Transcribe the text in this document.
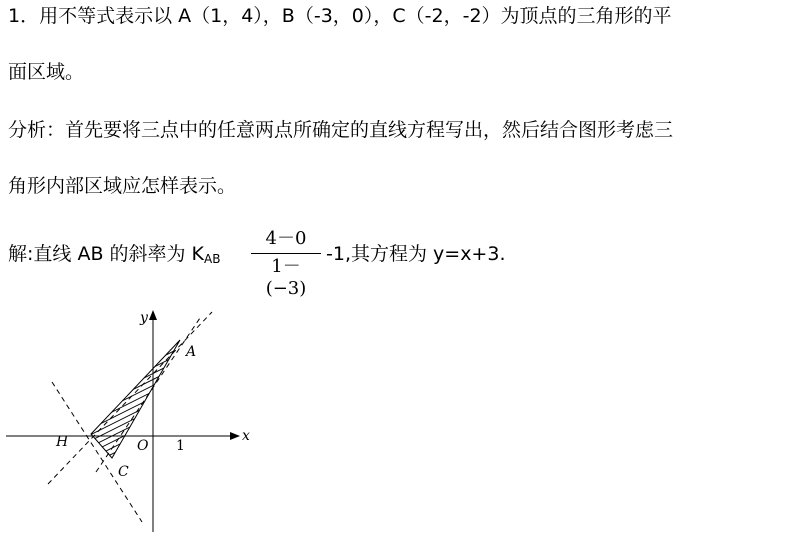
1．用不等式表示以 A（1，4），B（-3，0），C（-2，-2）为顶点的三角形的平
面区域。
分析：首先要将三点中的任意两点所确定的直线方程写出，然后结合图形考虑三
角形内部区域应怎样表示。
解:直线 AB 的斜率为 $K_{AB}$
4－0
1－(−3)
-1,其方程为 y=x+3.
x
y
A
H	O
C
1
